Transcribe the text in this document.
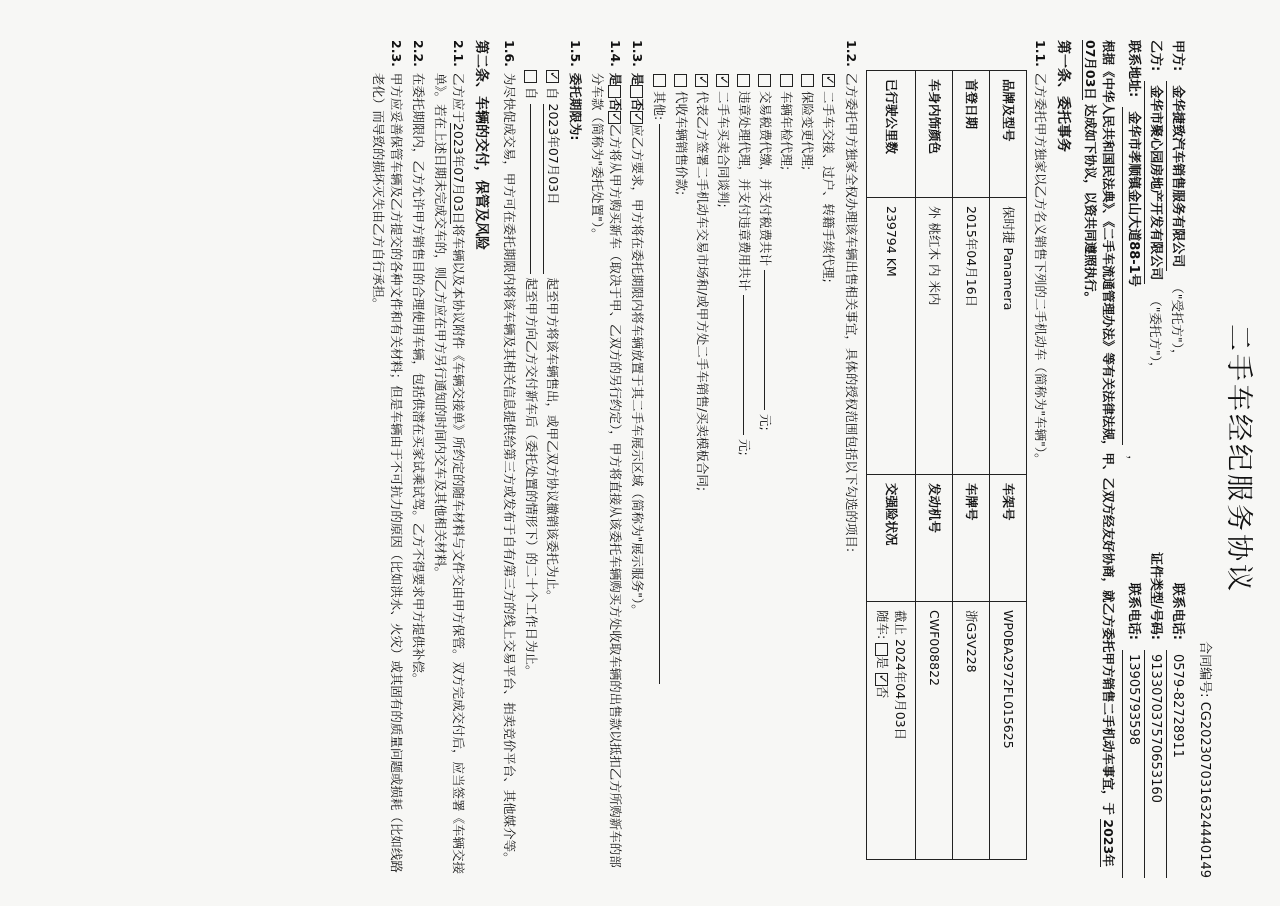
二手车经纪服务协议
合同编号: CG2023070316324440149
甲方:
金华捷致汽车销售服务有限公司
（"受托方"），
联系电话:
0579-82728911
乙方:
金华市聚心园房地产开发有限公司
（"委托方"），
证件类型/号码:
913307037570653160
联系地址:
金华市孝顺镇金山大道88-1号
，
联系电话:
13905793598
根据《中华人民共和国民法典》、《二手车流通管理办法》等有关法律法规，甲、乙双方经友好协商，就乙方委托甲方销售二手机动车事宜，于 2023年07月03日 达成如下协议，以资共同遵照执行。
第一条、委托事务
1.1.
乙方委托甲方独家以乙方名义销售下列的二手机动车（简称为"车辆"）。
品牌及型号	保时捷 Panamera	车架号	WP0BA2972FL015625
首登日期	2015年04月16日	车牌号	浙G3V228
车身内饰颜色	外 桃红木 内 米内	发动机号	CWF008822
已行驶公里数	239794 KM	交强险状况	截止 2024年04月03日
随车: 是 ✓否
1.2.
乙方委托甲方独家全权办理该车辆出售相关事宜，具体的授权范围包括以下勾选的项目:
✓
二手车交接、过户、转籍手续代理;
保险变更代理;
车辆年检代理;
交易税费代缴，并支付税费共计
元;
违章处理代理，并支付违章费用共计
元;
✓
二手车买卖合同谈判;
✓
代表乙方签署二手机动车交易市场和/或甲方处二手车销售/买卖模板合同;
代收车辆销售价款;
其他:
1.3.
是否✓应乙方要求，甲方将在委托期限内将车辆放置于其二手车展示区域（简称为"展示服务"）。
1.4.
是否✓乙方将从甲方购买新车（取决于甲、乙双方的另行约定），甲方将直接从该委托车辆购买方处收取车辆的出售款以抵扣乙方所购新车的部分车款（简称为"委托处置"）。
1.5.
委托期限为:
✓
自
2023年07月03日
起至甲方将该车辆售出，或甲乙双方协议撤销该委托为止。
自
起至甲方向乙方交付新车后（委托处置的情形下）的二十个工作日为止。
1.6.
为尽快促成交易，甲方可在委托期限内将该车辆及其相关信息提供给第三方或发布于自有/第三方的线上交易平台、拍卖竞价平台、其他媒介等。
第二条、车辆的交付，保管及风险
2.1.
乙方应于2023年07月03日将车辆以及本协议附件《车辆交接单》所约定的随车材料与文件交由甲方保管。双方完成交付后，应当签署《车辆交接单》。若在上述日期未完成交车的，则乙方应在甲方另行通知的时间内交车及其他相关材料。
2.2.
在委托期限内，乙方允许甲方销售目的合理使用车辆，包括供潜在买家试乘试驾。乙方不得要求甲方提供补偿。
2.3.
甲方应妥善保管车辆及乙方提交的各种文件和有关材料；但是车辆由于不可抗力的原因（比如洪水、火灾）或其固有的质量问题或损耗（比如线路老化）而导致的损坏灭失由乙方自行承担。
